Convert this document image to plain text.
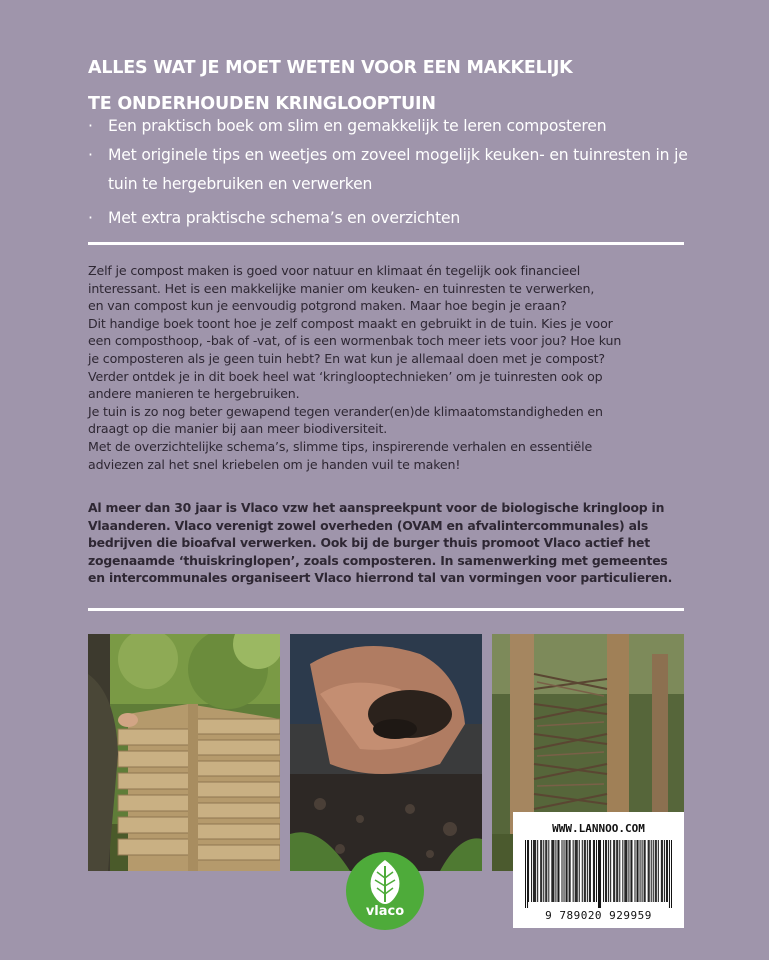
ALLES WAT JE MOET WETEN VOOR EEN MAKKELIJK
TE ONDERHOUDEN KRINGLOOPTUIN
· Een praktisch boek om slim en gemakkelijk te leren composteren
· Met originele tips en weetjes om zoveel mogelijk keuken- en tuinresten in je tuin te hergebruiken en verwerken
· Met extra praktische schema’s en overzichten

Zelf je compost maken is goed voor natuur en klimaat én tegelijk ook financieel
interessant. Het is een makkelijke manier om keuken- en tuinresten te verwerken,
en van compost kun je eenvoudig potgrond maken. Maar hoe begin je eraan?
Dit handige boek toont hoe je zelf compost maakt en gebruikt in de tuin. Kies je voor
een composthoop, -bak of -vat, of is een wormenbak toch meer iets voor jou? Hoe kun
je composteren als je geen tuin hebt? En wat kun je allemaal doen met je compost?
Verder ontdek je in dit boek heel wat ‘kringlooptechnieken’ om je tuinresten ook op
andere manieren te hergebruiken.
Je tuin is zo nog beter gewapend tegen verander(en)de klimaatomstandigheden en
draagt op die manier bij aan meer biodiversiteit.
Met de overzichtelijke schema’s, slimme tips, inspirerende verhalen en essentiële
adviezen zal het snel kriebelen om je handen vuil te maken!

Al meer dan 30 jaar is Vlaco vzw het aanspreekpunt voor de biologische kringloop in
Vlaanderen. Vlaco verenigt zowel overheden (OVAM en afvalintercommunales) als
bedrijven die bioafval verwerken. Ook bij de burger thuis promoot Vlaco actief het
zogenaamde ‘thuiskringlopen’, zoals composteren. In samenwerking met gemeentes
en intercommunales organiseert Vlaco hierrond tal van vormingen voor particulieren.

vlaco
WWW.LANNOO.COM
9 789020 929959
